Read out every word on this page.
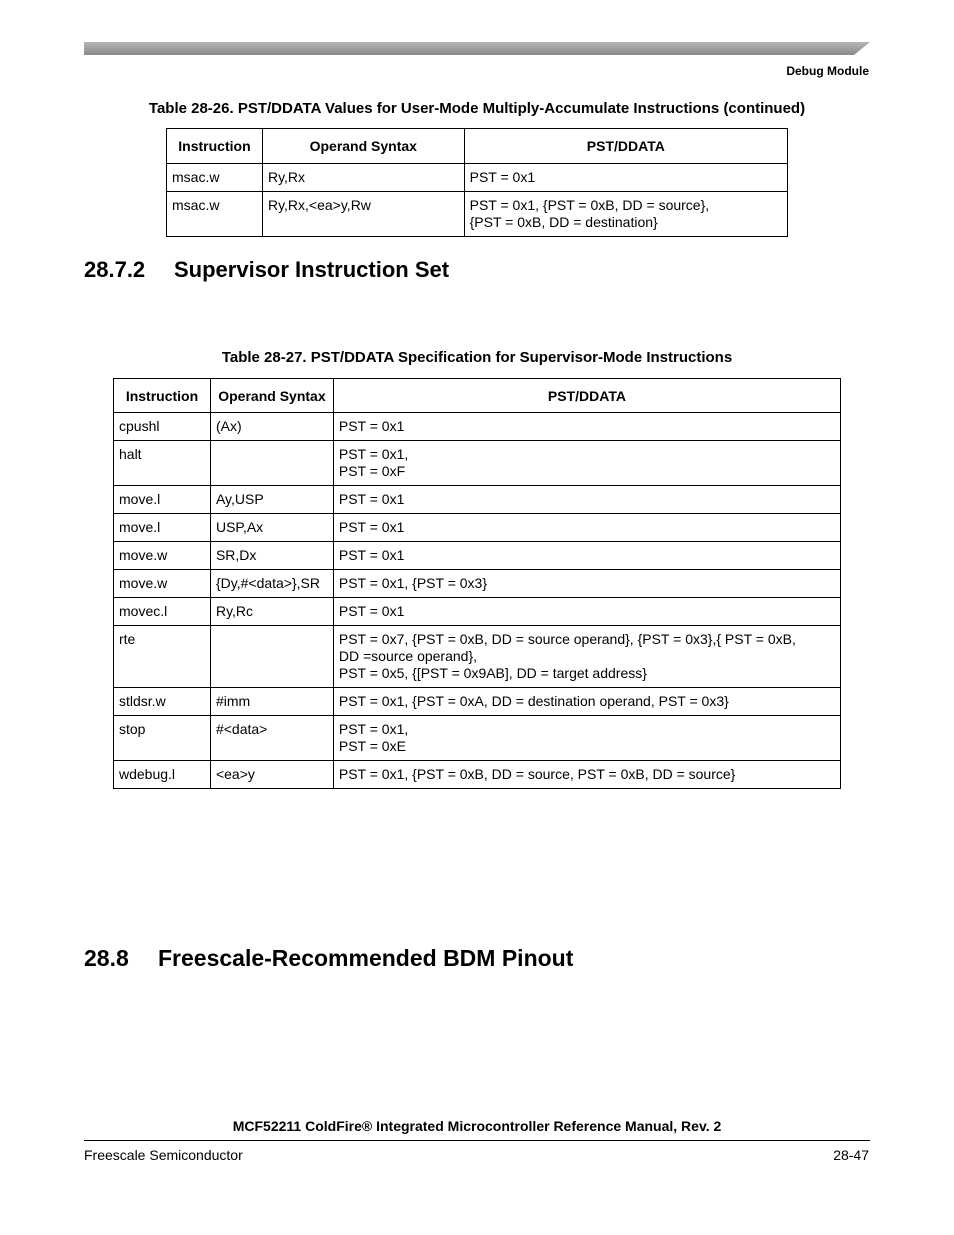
Debug Module
Table 28-26. PST/DDATA Values for User-Mode Multiply-Accumulate Instructions (continued)
Instruction	Operand Syntax	PST/DDATA
msac.w	Ry,Rx	PST = 0x1

msac.w	Ry,Rx,<ea>y,Rw	PST = 0x1, {PST = 0xB, DD = source},
{PST = 0xB, DD = destination}
28.7.2 Supervisor Instruction Set
Table 28-27. PST/DDATA Specification for Supervisor-Mode Instructions
Instruction	Operand Syntax	PST/DDATA
cpushl	(Ax)	PST = 0x1

halt		PST = 0x1,
PST = 0xF

move.l	Ay,USP	PST = 0x1

move.l	USP,Ax	PST = 0x1

move.w	SR,Dx	PST = 0x1

move.w	{Dy,#<data>},SR	PST = 0x1, {PST = 0x3}

movec.l	Ry,Rc	PST = 0x1

rte		PST = 0x7, {PST = 0xB, DD = source operand}, {PST = 0x3},{ PST = 0xB,
DD =source operand},
PST = 0x5, {[PST = 0x9AB], DD = target address}

stldsr.w	#imm	PST = 0x1, {PST = 0xA, DD = destination operand, PST = 0x3}

stop	#<data>	PST = 0x1,
PST = 0xE

wdebug.l	<ea>y	PST = 0x1, {PST = 0xB, DD = source, PST = 0xB, DD = source}
28.8 Freescale-Recommended BDM Pinout
MCF52211 ColdFire® Integrated Microcontroller Reference Manual, Rev. 2
Freescale Semiconductor	28-47
